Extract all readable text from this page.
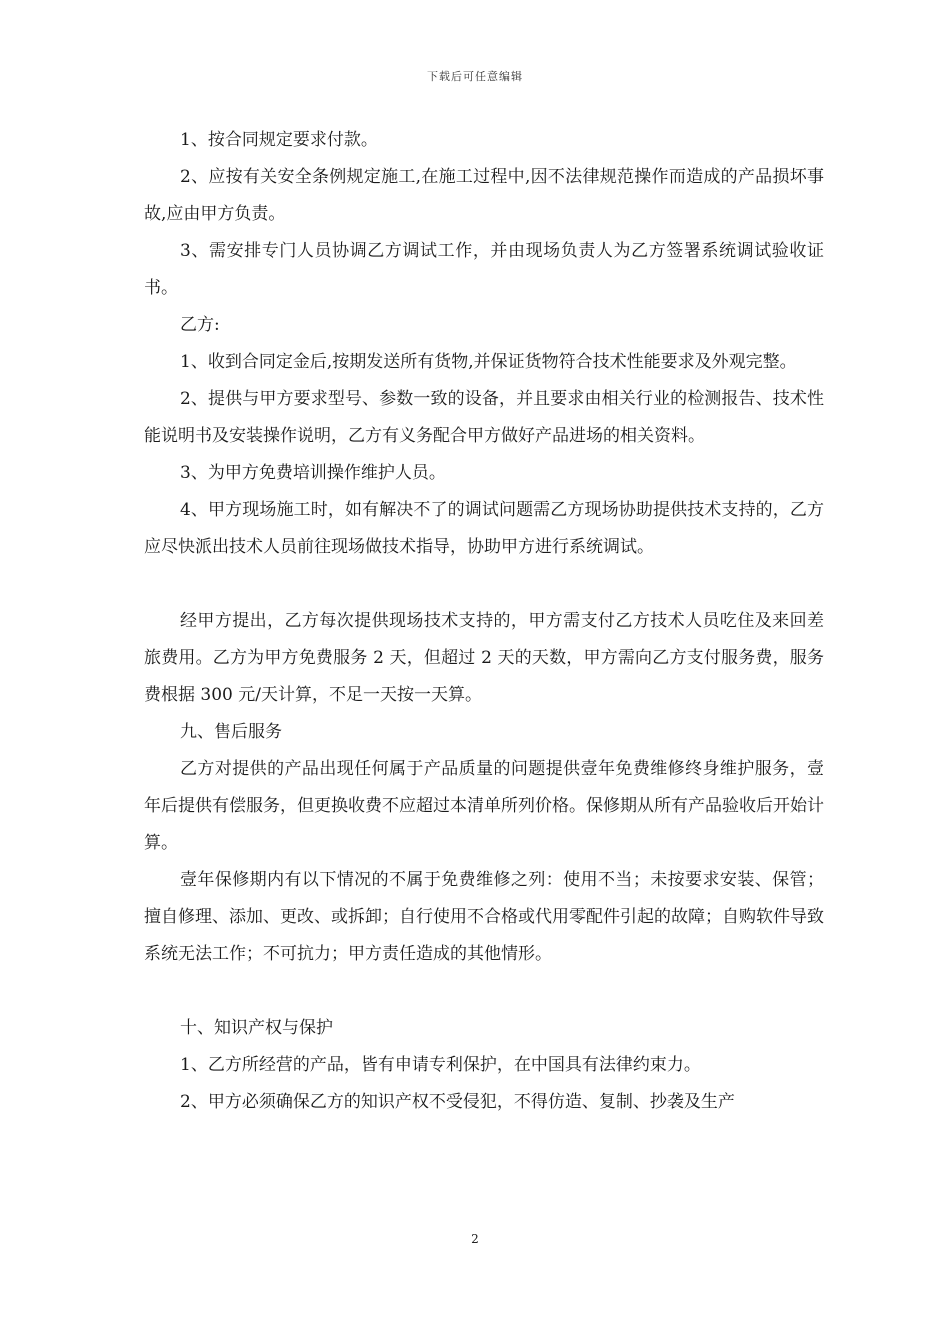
下载后可任意编辑

1、按合同规定要求付款。

2、应按有关安全条例规定施工,在施工过程中,因不法律规范操作而造成的产品损坏事故,应由甲方负责。

3、需安排专门人员协调乙方调试工作，并由现场负责人为乙方签署系统调试验收证书。

乙方:

1、收到合同定金后,按期发送所有货物,并保证货物符合技术性能要求及外观完整。

2、提供与甲方要求型号、参数一致的设备，并且要求由相关行业的检测报告、技术性能说明书及安装操作说明，乙方有义务配合甲方做好产品进场的相关资料。

3、为甲方免费培训操作维护人员。

4、甲方现场施工时，如有解决不了的调试问题需乙方现场协助提供技术支持的，乙方应尽快派出技术人员前往现场做技术指导，协助甲方进行系统调试。

经甲方提出，乙方每次提供现场技术支持的，甲方需支付乙方技术人员吃住及来回差旅费用。乙方为甲方免费服务 2 天，但超过 2 天的天数，甲方需向乙方支付服务费，服务费根据 300 元/天计算，不足一天按一天算。

九、售后服务

乙方对提供的产品出现任何属于产品质量的问题提供壹年免费维修终身维护服务，壹年后提供有偿服务，但更换收费不应超过本清单所列价格。保修期从所有产品验收后开始计算。

壹年保修期内有以下情况的不属于免费维修之列：使用不当；未按要求安装、保管；擅自修理、添加、更改、或拆卸；自行使用不合格或代用零配件引起的故障；自购软件导致系统无法工作；不可抗力；甲方责任造成的其他情形。

十、知识产权与保护

1、乙方所经营的产品，皆有申请专利保护，在中国具有法律约束力。

2、甲方必须确保乙方的知识产权不受侵犯，不得仿造、复制、抄袭及生产

2
